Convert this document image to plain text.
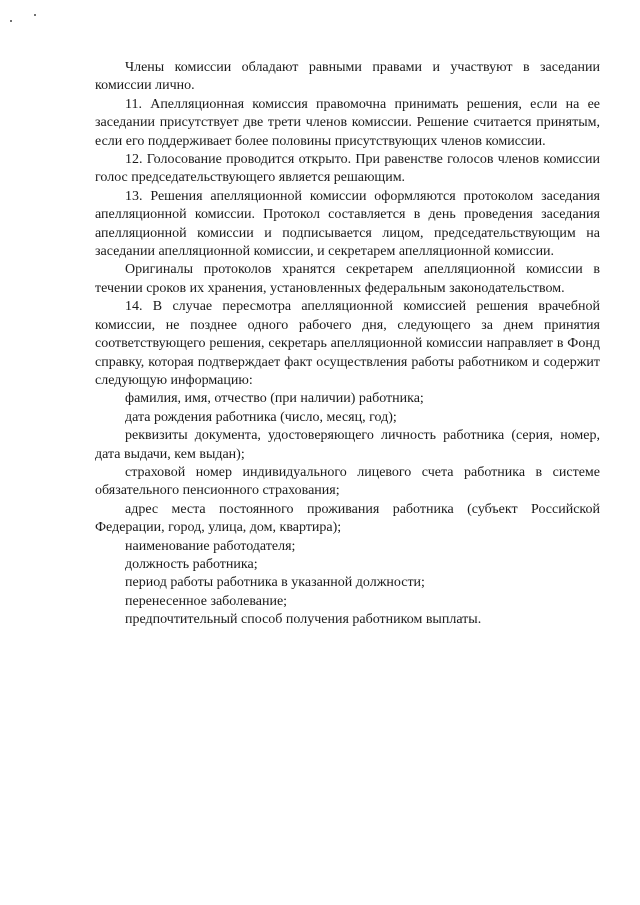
Члены комиссии обладают равными правами и участвуют в заседании комиссии лично.

11. Апелляционная комиссия правомочна принимать решения, если на ее заседании присутствует две трети членов комиссии. Решение считается принятым, если его поддерживает более половины присутствующих членов комиссии.

12. Голосование проводится открыто. При равенстве голосов членов комиссии голос председательствующего является решающим.

13. Решения апелляционной комиссии оформляются протоколом заседания апелляционной комиссии. Протокол составляется в день проведения заседания апелляционной комиссии и подписывается лицом, председательствующим на заседании апелляционной комиссии, и секретарем апелляционной комиссии.

Оригиналы протоколов хранятся секретарем апелляционной комиссии в течении сроков их хранения, установленных федеральным законодательством.

14. В случае пересмотра апелляционной комиссией решения врачебной комиссии, не позднее одного рабочего дня, следующего за днем принятия соответствующего решения, секретарь апелляционной комиссии направляет в Фонд справку, которая подтверждает факт осуществления работы работником и содержит следующую информацию:

фамилия, имя, отчество (при наличии) работника;

дата рождения работника (число, месяц, год);

реквизиты документа, удостоверяющего личность работника (серия, номер, дата выдачи, кем выдан);

страховой номер индивидуального лицевого счета работника в системе обязательного пенсионного страхования;

адрес места постоянного проживания работника (субъект Российской Федерации, город, улица, дом, квартира);

наименование работодателя;

должность работника;

период работы работника в указанной должности;

перенесенное заболевание;

предпочтительный способ получения работником выплаты.
